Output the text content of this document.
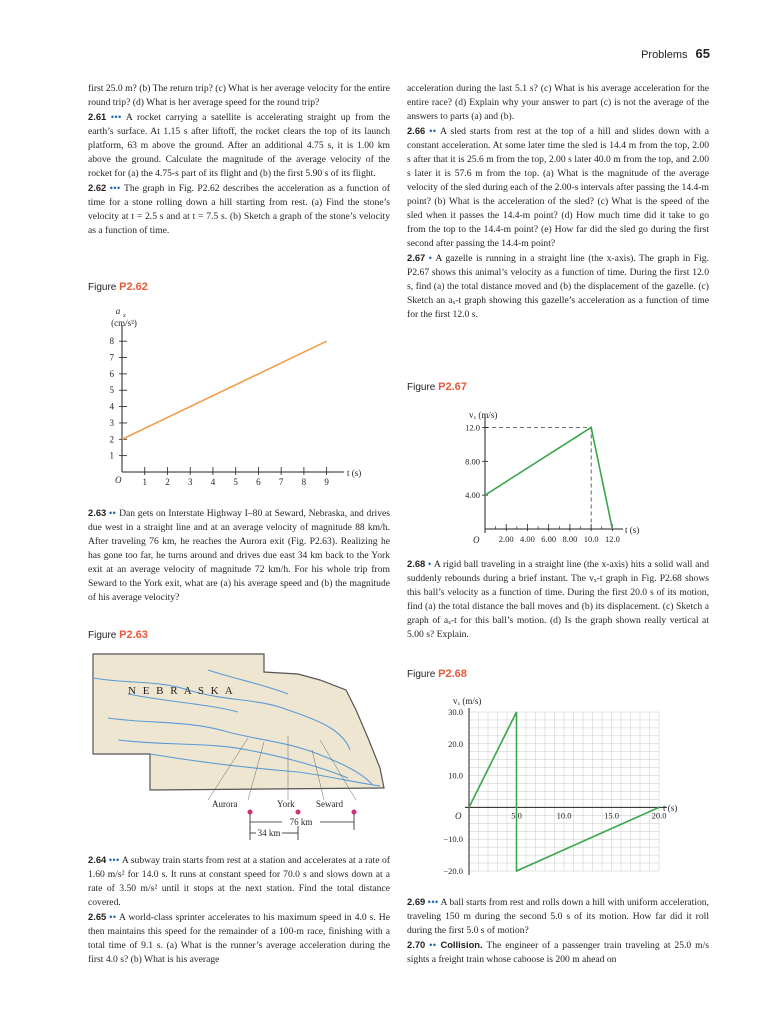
Problems 65

first 25.0 m? (b) The return trip? (c) What is her average velocity for the entire round trip? (d) What is her average speed for the round trip?

2.61 ••• A rocket carrying a satellite is accelerating straight up from the earth’s surface. At 1.15 s after liftoff, the rocket clears the top of its launch platform, 63 m above the ground. After an additional 4.75 s, it is 1.00 km above the ground. Calculate the magnitude of the average velocity of the rocket for (a) the 4.75-s part of its flight and (b) the first 5.90 s of its flight.

2.62 ••• The graph in Fig. P2.62 describes the acceleration as a function of time for a stone rolling down a hill starting from rest. (a) Find the stone’s velocity at t = 2.5 s and at t = 7.5 s. (b) Sketch a graph of the stone’s velocity as a function of time.

Figure P2.62
a x
(cm/s²)
1 2 3 4 5 6 7 8 9
1
2
3
4
5
6
7
8
O
t (s)

2.63 •• Dan gets on Interstate Highway I–80 at Seward, Nebraska, and drives due west in a straight line and at an average velocity of magnitude 88 km/h. After traveling 76 km, he reaches the Aurora exit (Fig. P2.63). Realizing he has gone too far, he turns around and drives due east 34 km back to the York exit at an average velocity of magnitude 72 km/h. For his whole trip from Seward to the York exit, what are (a) his average speed and (b) the magnitude of his average velocity?

Figure P2.63
N E B R A S K A
Aurora	York Seward
76 km
34 km

2.64 ••• A subway train starts from rest at a station and accelerates at a rate of 1.60 m/s² for 14.0 s. It runs at constant speed for 70.0 s and slows down at a rate of 3.50 m/s² until it stops at the next station. Find the total distance covered.

2.65 •• A world-class sprinter accelerates to his maximum speed in 4.0 s. He then maintains this speed for the remainder of a 100-m race, finishing with a total time of 9.1 s. (a) What is the runner’s average acceleration during the first 4.0 s? (b) What is his average

acceleration during the last 5.1 s? (c) What is his average acceleration for the entire race? (d) Explain why your answer to part (c) is not the average of the answers to parts (a) and (b).

2.66 •• A sled starts from rest at the top of a hill and slides down with a constant acceleration. At some later time the sled is 14.4 m from the top, 2.00 s after that it is 25.6 m from the top, 2.00 s later 40.0 m from the top, and 2.00 s later it is 57.6 m from the top. (a) What is the magnitude of the average velocity of the sled during each of the 2.00-s intervals after passing the 14.4-m point? (b) What is the acceleration of the sled? (c) What is the speed of the sled when it passes the 14.4-m point? (d) How much time did it take to go from the top to the 14.4-m point? (e) How far did the sled go during the first second after passing the 14.4-m point?

2.67 • A gazelle is running in a straight line (the x-axis). The graph in Fig. P2.67 shows this animal’s velocity as a function of time. During the first 12.0 s, find (a) the total distance moved and (b) the displacement of the gazelle. (c) Sketch an aₓ-t graph showing this gazelle’s acceleration as a function of time for the first 12.0 s.

Figure P2.67
vₓ (m/s)
2.00 4.00 6.00 8.00 10.0 12.0
4.00
8.00
12.0
O
t (s)

2.68 • A rigid ball traveling in a straight line (the x-axis) hits a solid wall and suddenly rebounds during a brief instant. The vₓ-t graph in Fig. P2.68 shows this ball’s velocity as a function of time. During the first 20.0 s of its motion, find (a) the total distance the ball moves and (b) its displacement. (c) Sketch a graph of aₓ-t for this ball’s motion. (d) Is the graph shown really vertical at 5.00 s? Explain.

Figure P2.68
vₓ (m/s)
5.0	10.0	15.0	20.0
30.0
20.0
10.0
−10.0
−20.0
O
t (s)

2.69 ••• A ball starts from rest and rolls down a hill with uniform acceleration, traveling 150 m during the second 5.0 s of its motion. How far did it roll during the first 5.0 s of motion?

2.70 •• Collision. The engineer of a passenger train traveling at 25.0 m/s sights a freight train whose caboose is 200 m ahead on
